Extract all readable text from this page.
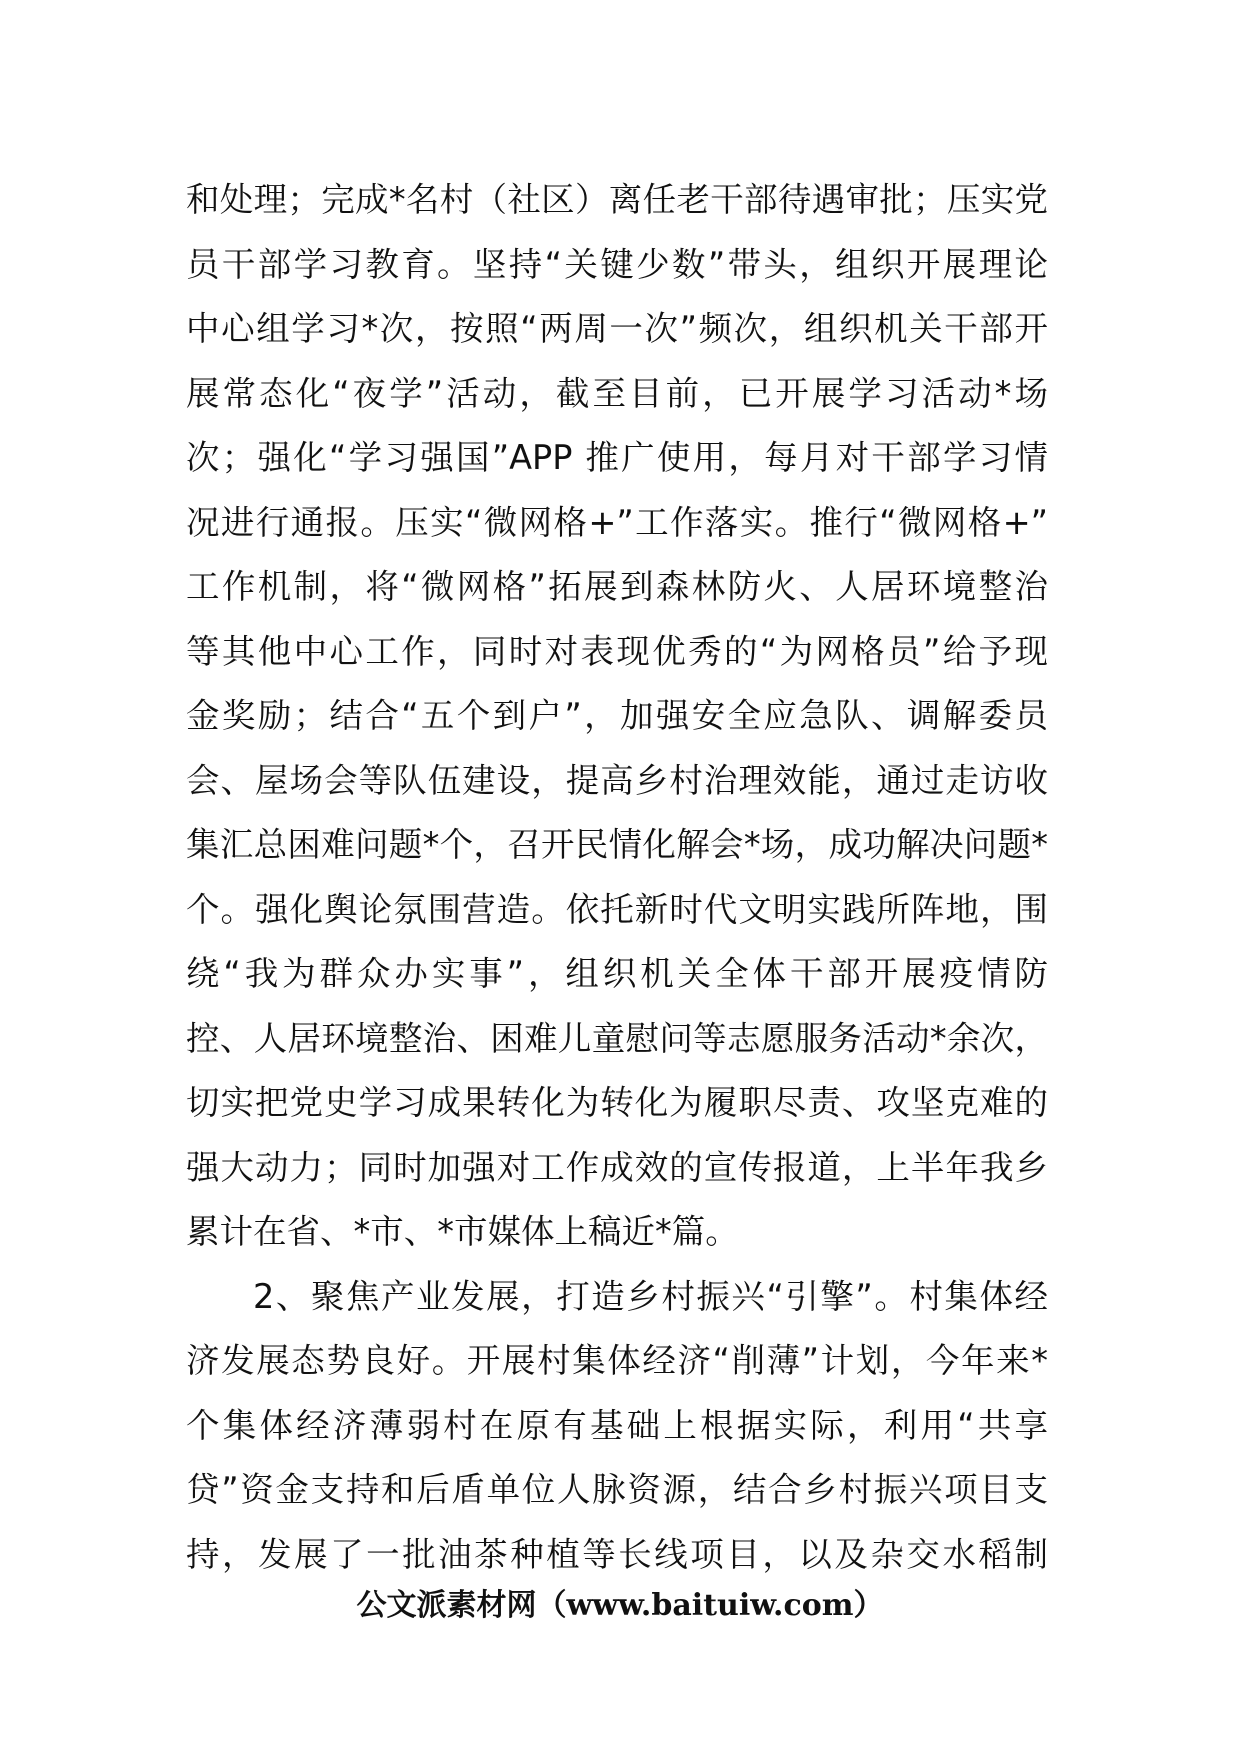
和处理；完成*名村（社区）离任老干部待遇审批；压实党
员干部学习教育。坚持“关键少数”带头，组织开展理论
中心组学习*次，按照“两周一次”频次，组织机关干部开
展常态化“夜学”活动，截至目前，已开展学习活动*场
次；强化“学习强国”APP 推广使用，每月对干部学习情
况进行通报。压实“微网格+”工作落实。推行“微网格+”
工作机制，将“微网格”拓展到森林防火、人居环境整治
等其他中心工作，同时对表现优秀的“为网格员”给予现
金奖励；结合“五个到户”，加强安全应急队、调解委员
会、屋场会等队伍建设，提高乡村治理效能，通过走访收
集汇总困难问题*个，召开民情化解会*场，成功解决问题*
个。强化舆论氛围营造。依托新时代文明实践所阵地，围
绕“我为群众办实事”，组织机关全体干部开展疫情防
控、人居环境整治、困难儿童慰问等志愿服务活动*余次，
切实把党史学习成果转化为转化为履职尽责、攻坚克难的
强大动力；同时加强对工作成效的宣传报道，上半年我乡
累计在省、*市、*市媒体上稿近*篇。
2、聚焦产业发展，打造乡村振兴“引擎”。村集体经
济发展态势良好。开展村集体经济“削薄”计划，今年来*
个集体经济薄弱村在原有基础上根据实际，利用“共享
贷”资金支持和后盾单位人脉资源，结合乡村振兴项目支
持，发展了一批油茶种植等长线项目，以及杂交水稻制
公文派素材网（www.baituiw.com）
